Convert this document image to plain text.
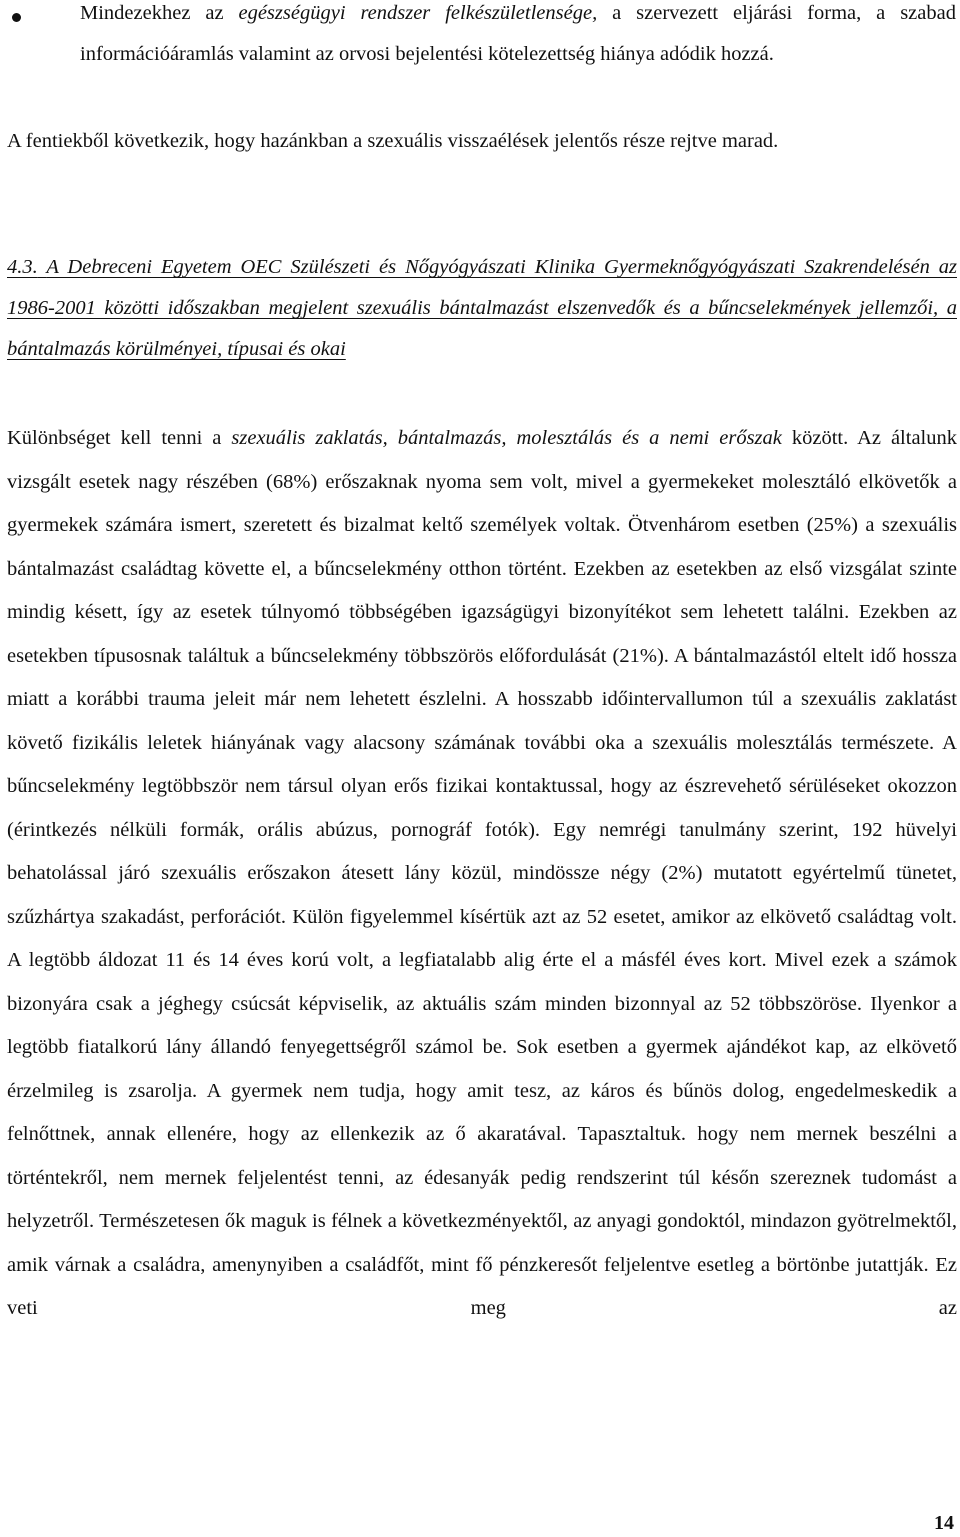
Mindezekhez az egészségügyi rendszer felkészületlensége, a szervezett eljárási forma, a szabad információáramlás valamint az orvosi bejelentési kötelezettség hiánya adódik hozzá.
A fentiekből következik, hogy hazánkban a szexuális visszaélések jelentős része rejtve marad.
4.3. A Debreceni Egyetem OEC Szülészeti és Nőgyógyászati Klinika Gyermeknőgyógyászati Szakrendelésén az 1986-2001 közötti időszakban megjelent szexuális bántalmazást elszenvedők és a bűncselekmények jellemzői, a bántalmazás körülményei, típusai és okai
Különbséget kell tenni a szexuális zaklatás, bántalmazás, molesztálás és a nemi erőszak között. Az általunk vizsgált esetek nagy részében (68%) erőszaknak nyoma sem volt, mivel a gyermekeket molesztáló elkövetők a gyermekek számára ismert, szeretett és bizalmat keltő személyek voltak. Ötvenhárom esetben (25%) a szexuális bántalmazást családtag követte el, a bűncselekmény otthon történt. Ezekben az esetekben az első vizsgálat szinte mindig késett, így az esetek túlnyomó többségében igazságügyi bizonyítékot sem lehetett találni. Ezekben az esetekben típusosnak találtuk a bűncselekmény többszörös előfordulását (21%). A bántalmazástól eltelt idő hossza miatt a korábbi trauma jeleit már nem lehetett észlelni. A hosszabb időintervallumon túl a szexuális zaklatást követő fizikális leletek hiányának vagy alacsony számának további oka a szexuális molesztálás természete. A bűncselekmény legtöbbször nem társul olyan erős fizikai kontaktussal, hogy az észrevehető sérüléseket okozzon (érintkezés nélküli formák, orális abúzus, pornográf fotók). Egy nemrégi tanulmány szerint, 192 hüvelyi behatolással járó szexuális erőszakon átesett lány közül, mindössze négy (2%) mutatott egyértelmű tünetet, szűzhártya szakadást, perforációt. Külön figyelemmel kísértük azt az 52 esetet, amikor az elkövető családtag volt. A legtöbb áldozat 11 és 14 éves korú volt, a legfiatalabb alig érte el a másfél éves kort. Mivel ezek a számok bizonyára csak a jéghegy csúcsát képviselik, az aktuális szám minden bizonnyal az 52 többszöröse. Ilyenkor a legtöbb fiatalkorú lány állandó fenyegettségről számol be. Sok esetben a gyermek ajándékot kap, az elkövető érzelmileg is zsarolja. A gyermek nem tudja, hogy amit tesz, az káros és bűnös dolog, engedelmeskedik a felnőttnek, annak ellenére, hogy az ellenkezik az ő akaratával. Tapasztaltuk. hogy nem mernek beszélni a történtekről, nem mernek feljelentést tenni, az édesanyák pedig rendszerint túl későn szereznek tudomást a helyzetről. Természetesen ők maguk is félnek a következményektől, az anyagi gondoktól, mindazon gyötrelmektől, amik várnak a családra, amenynyiben a családfőt, mint fő pénzkeresőt feljelentve esetleg a börtönbe jutattják. Ez veti meg az
14
